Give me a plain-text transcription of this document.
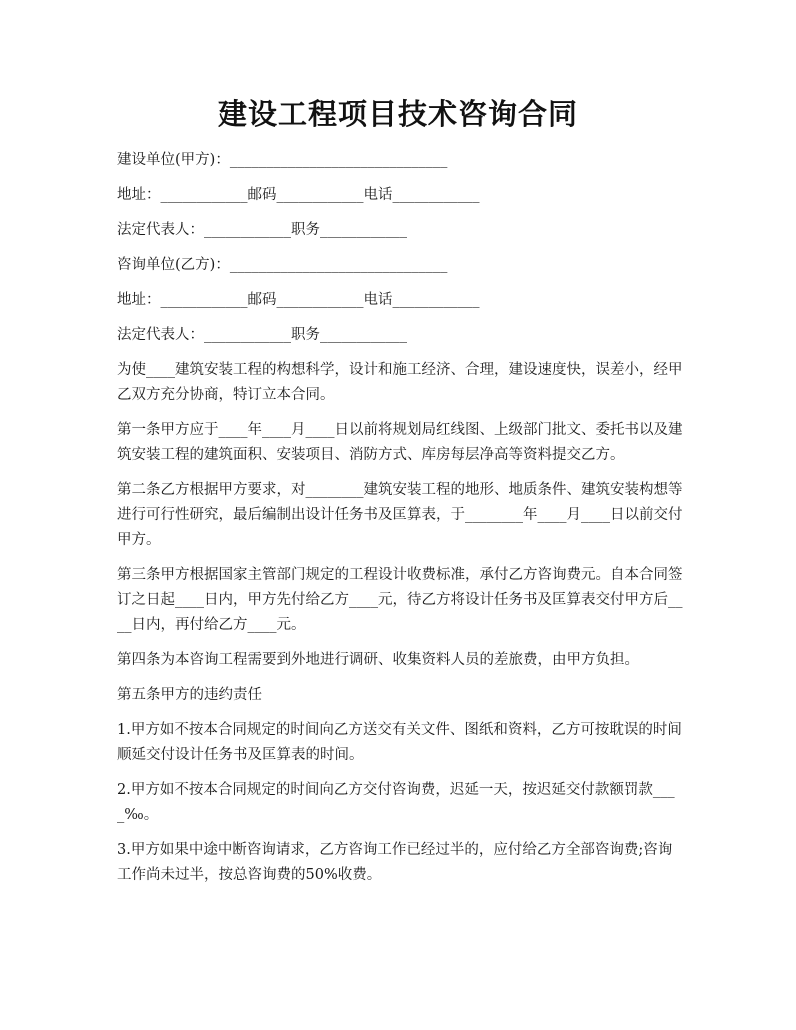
建设工程项目技术咨询合同

建设单位(甲方)：______________________________

地址：____________邮码____________电话____________

法定代表人：____________职务____________

咨询单位(乙方)：______________________________

地址：____________邮码____________电话____________

法定代表人：____________职务____________

为使____建筑安装工程的构想科学，设计和施工经济、合理，建设速度快，误差小，经甲乙双方充分协商，特订立本合同。

第一条甲方应于____年____月____日以前将规划局红线图、上级部门批文、委托书以及建筑安装工程的建筑面积、安装项目、消防方式、库房每层净高等资料提交乙方。

第二条乙方根据甲方要求，对________建筑安装工程的地形、地质条件、建筑安装构想等进行可行性研究，最后编制出设计任务书及匡算表，于________年____月____日以前交付甲方。

第三条甲方根据国家主管部门规定的工程设计收费标准，承付乙方咨询费元。自本合同签订之日起____日内，甲方先付给乙方____元，待乙方将设计任务书及匡算表交付甲方后____日内，再付给乙方____元。

第四条为本咨询工程需要到外地进行调研、收集资料人员的差旅费，由甲方负担。

第五条甲方的违约责任

1.甲方如不按本合同规定的时间向乙方送交有关文件、图纸和资料，乙方可按耽误的时间顺延交付设计任务书及匡算表的时间。

2.甲方如不按本合同规定的时间向乙方交付咨询费，迟延一天，按迟延交付款额罚款____‰。

3.甲方如果中途中断咨询请求，乙方咨询工作已经过半的，应付给乙方全部咨询费;咨询工作尚未过半，按总咨询费的50%收费。
